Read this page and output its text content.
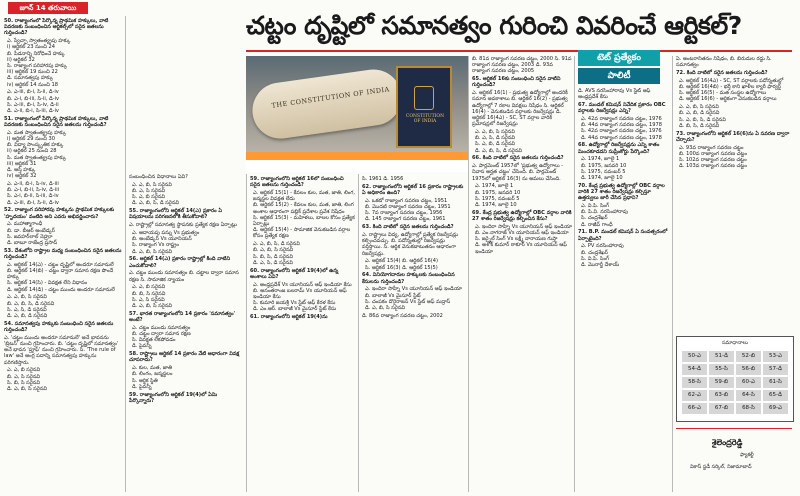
జూన్ 14 తరువాయి
చట్టం దృష్టిలో సమానత్వం గురించి వివరించే ఆర్టికల్?
THE CONSTITUTION OF INDIA
CONSTITUTION OF INDIA

50. రాజ్యాంగంలో పేర్కొన్న ప్రాథమిక హక్కులు, వాటి వివరణకు సంబంధించిన ఆర్టికల్స్‌లో సరైన జతలను గుర్తించండి?

ఎ. స్వేచ్ఛా స్వాతంత్య్రపు హక్కు
i) ఆర్టికల్ 23 నుంచి 24
బి. పీడనాన్ని నిరోధించే హక్కు
ii) ఆర్టికల్ 32
సి. రాజ్యాంగ పరిహారపు హక్కు
iii) ఆర్టికల్ 19 నుంచి 22
డి. సమానత్వపు హక్కు
iv) ఆర్టికల్ 14 నుంచి 18

ఎ. ఎ-iii, బి-i, సి-ii, డి-iv
బి. ఎ-i, బి-iii, సి-ii, డి-iv
సి. ఎ-iii, బి-i, సి-iv, డి-ii
డి. ఎ-ii, బి-i, సి-iii, డి-iv

51. రాజ్యాంగంలో పేర్కొన్న ప్రాథమిక హక్కులు, వాటి వివరణకు సంబంధించిన సరైన జతలను గుర్తించండి?

ఎ. మత స్వాతంత్య్రపు హక్కు
i) ఆర్టికల్ 29 నుంచి 30
బి. విద్యా సాంస్కృతిక హక్కు
ii) ఆర్టికల్ 25 నుంచి 28
సి. మత స్వాతంత్య్రపు హక్కు
iii) ఆర్టికల్ 31
డి. ఆస్తి హక్కు
iv) ఆర్టికల్ 32

ఎ. ఎ-ii, బి-i, సి-iv, డి-iii
బి. ఎ-i, బి-ii, సి-iv, డి-iii
సి. ఎ-i, బి-ii, సి-iii, డి-iv
డి. ఎ-iii, బి-i, సి-ii, డి-iv

52. రాజ్యాంగ పరిహారపు హక్కును ప్రాథమిక హక్కులకు 'హృదయం' వంటిది అని ఎవరు అభివర్ణించారు?

ఎ. మహాత్మాగాంధీ
బి. డా. బీఆర్ అంబేడ్కర్
సి. జవహర్‌లాల్ నెహ్రూ
డి. బాబూ రాజేంద్ర ప్రసాద్

53. దేశంలోని రాష్ట్రాల మధ్య సంబంధించిన సరైన జతలను గుర్తించండి?

ఎ. ఆర్టికల్ 14(ఎ) - చట్టం దృష్టిలో అందరూ సమానులే
బి. ఆర్టికల్ 14(బి) - చట్టం ద్వారా సమాన రక్షణ పొందే హక్కు
సి. ఆర్టికల్ 14(సి) - వివక్షత లేని విధానం
డి. ఆర్టికల్ 14(డి) - చట్టం ముందు అందరూ సమానులే

ఎ. ఎ, బి, సి సరైనవి
బి. ఎ, బి, సి, డి సరైనవి
సి. ఎ, సి, డి సరైనవి
డి. ఎ, బి, డి సరైనవి

54. సమానత్వపు హక్కుకు సంబంధించి సరైన జతలను గుర్తించండి?

ఎ. 'చట్టం ముందు అందరూ సమానులే' అనే భావనను 'బ్రిటన్' నుంచి గ్రహించారు. బి. 'చట్టం దృష్టిలో సమానత్వం' అనే భావన 'ప్రూఫ్' నుంచి గ్రహించారు. సి. 'The rule of law' అనే ఆంగ్ల పదాన్ని సమానత్వపు హక్కును పరిగణిస్తారు.

ఎ. ఎ, బి సరైనవి
బి. ఎ, సి సరైనవి
సి. బి, సి సరైనవి
డి. ఎ, బి, సి సరైనవి

సంబంధించిన విధానాలు ఏవి?

ఎ. ఎ, బి, సి సరైనవి
బి. ఎ, సి సరైనవి
సి. ఎ, బి సరైనవి
డి. ఎ, బి, సి, డి సరైనవి

55. రాజ్యాంగంలోని ఆర్టికల్ 14(ఎ) ప్రకారం ఏ విషయాలను పరిగణనలోకి తీసుకోవాలి?

ఎ. రాష్ట్రాల్లో సమానత్వ స్థాపనకు ప్రత్యేక రక్షణ ఏర్పాట్లు

ఎ. ఆదాయపు పన్ను Vs ప్రభుత్వం
బి. అంబేడ్కర్ Vs యూనియన్
సి. రాజ్యాంగ Vs రాష్ట్రం
డి. ఎ, బి, సి సరైనవి

56. ఆర్టికల్ 14(ఎ) ప్రకారం రాష్ట్రాల్లో కింది వాటిని ఎంచుకోవాలి?

ఎ. చట్టం ముందు సమానత్వం బి. చట్టాల ద్వారా సమాన రక్షణ సి. సామాజిక న్యాయం

ఎ. ఎ, బి సరైనవి
బి. బి, సి సరైనవి
సి. ఎ, సి సరైనవి
డి. ఎ, బి, సి సరైనవి

57. భారత రాజ్యాంగంలోని 14 ప్రకారం 'సమానత్వం' అంటే?

ఎ. చట్టం ముందు సమానత్వం
బి. చట్టం ద్వారా సమాన రక్షణ
సి. వివక్షత లేకపోవడం
డి. పైవన్నీ

58. రాష్ట్రాలు ఆర్టికల్ 14 ప్రకారం వేటి ఆధారంగా వివక్ష చూపరాదు?

ఎ. కుల, మత, జాతి
బి. లింగం, జన్మస్థలం
సి. ఆర్థిక స్థితి
డి. పైవన్నీ

59. రాజ్యాంగంలోని ఆర్టికల్ 19(4)లో ఏమి పేర్కొన్నారు?

59. రాజ్యాంగంలోని ఆర్టికల్ 16లో సంబంధించి సరైన జతలను గుర్తించండి?

ఎ. ఆర్టికల్ 15(1) - కేవలం కుల, మత, జాతి, లింగ, జన్మస్థల వివక్షత లేదు
బి. ఆర్టికల్ 15(2) - కేవలం కుల, మత, జాతి, లింగ అంశాల ఆధారంగా పబ్లిక్ ప్రదేశాల ప్రవేశ నిషేధం
సి. ఆర్టికల్ 15(3) - మహిళలు, బాలల కోసం ప్రత్యేక ఏర్పాట్లు
డి. ఆర్టికల్ 15(4) - సామాజిక వెనుకబడిన వర్గాల కోసం ప్రత్యేక రక్షణ

ఎ. ఎ, బి, సి, డి సరైనవి
బి. ఎ, బి, సి సరైనవి
సి. బి, సి, డి సరైనవి
డి. ఎ, సి, డి సరైనవి

60. రాజ్యాంగంలోని ఆర్టికల్ 19(4)లో ఉన్న అంశాలు ఏవి?

ఎ. ఆంధ్రప్రదేశ్ Vs యూనియన్ ఆఫ్ ఇండియా కేసు
బి. అనంతరాంజ బలరామ్ Vs యూనియన్ ఆఫ్ ఇండియా కేసు
సి. కుమారి జయశ్రీ Vs స్టేట్ ఆఫ్ కేరళ కేసు
డి. ఎం.ఆర్. బాలాజీ Vs మైసూర్ స్టేట్ కేసు

61. రాజ్యాంగంలోని ఆర్టికల్ 19(4)ను

సి. 1961 డి. 1956

62. రాజ్యాంగంలోని ఆర్టికల్ 16 ప్రకారం రాష్ట్రాలకు ఏ అధికారం ఉంది?

ఎ. ఒకటో రాజ్యాంగ సవరణ చట్టం, 1951
బి. మొదటి రాజ్యాంగ సవరణ చట్టం, 1951
సి. 7వ రాజ్యాంగ సవరణ చట్టం, 1956
డి. 145 రాజ్యాంగ సవరణ చట్టం, 1961

63. కింది వాటిలో సరైన జతలను గుర్తించండి?

ఎ. రాష్ట్రాలు విద్య, ఉద్యోగాల్లో ప్రత్యేక రిజర్వేషన్లు కల్పించవచ్చు. బి. పదోన్నతుల్లో రిజర్వేషన్లు వర్తిస్తాయి. సి. ఆర్థిక వెనుకబాటుతనం ఆధారంగా రిజర్వేషన్లు.

ఎ. ఆర్టికల్ 15(4) బి. ఆర్టికల్ 16(4)
సి. ఆర్టికల్ 16(3) డి. ఆర్టికల్ 15(5)

64. వినియోగదారుల హక్కులకు సంబంధించిన కేసులను గుర్తించండి?

ఎ. ఇందిరా సాహ్నీ Vs యూనియన్ ఆఫ్ ఇండియా
బి. బాలాజీ Vs మైసూర్ స్టేట్
సి. చంపకం దొరైరాజన్ Vs స్టేట్ ఆఫ్ మద్రాస్
డి. ఎ, బి, సి సరైనవి

డి. 86వ రాజ్యాంగ సవరణ చట్టం, 2002

బి. 81వ రాజ్యాంగ సవరణ చట్టం, 2000 సి. 91వ రాజ్యాంగ సవరణ చట్టం, 2003 డి. 93వ రాజ్యాంగ సవరణ చట్టం, 2005

65. ఆర్టికల్ 16కు సంబంధించి సరైన వాటిని గుర్తించండి?

ఎ. ఆర్టికల్ 16(1) - ప్రభుత్వ ఉద్యోగాల్లో అందరికీ సమాన అవకాశాలు బి. ఆర్టికల్ 16(2) - ప్రభుత్వ ఉద్యోగాల్లో 7 రకాల వివక్షలు నిషేధం సి. ఆర్టికల్ 16(4) - వెనుకబడిన వర్గాలకు రిజర్వేషన్లు డి. ఆర్టికల్ 16(4ఎ) - SC, ST వర్గాల వారికి ప్రమోషన్లలో రిజర్వేషన్లు

ఎ. ఎ, బి, సి సరైనవి
బి. ఎ, సి, డి సరైనవి
సి. ఎ, బి, డి సరైనవి
డి. ఎ, బి, సి, డి సరైనవి

66. కింది వాటిలో సరైన జతలను గుర్తించండి?

ఎ. పార్లమెంట్ 1957లో 'ప్రభుత్వ ఉద్యోగాలు - నివాస అర్హత చట్టం' చేసింది. బి. పార్లమెంట్ 1975లో ఆర్టికల్ 16(3) ను అమలు చేసింది.

ఎ. 1974, జూలై 1
బి. 1975, జనవరి 10
సి. 1975, నవంబర్ 5
డి. 1974, జూలై 10

69. కేంద్ర ప్రభుత్వ ఉద్యోగాల్లో OBC వర్గాల వారికి 27 శాతం రిజర్వేషన్లు కల్పించిన కేసు?

ఎ. ఇందిరా సాహ్నీ Vs యూనియన్ ఆఫ్ ఇండియా
బి. ఎం.నాగరాజ్ Vs యూనియన్ ఆఫ్ ఇండియా
సి. జర్నైల్ సింగ్ Vs లక్ష్మీ నారాయణ గుప్తా
డి. అశోక్ కుమార్ ఠాకూర్ Vs యూనియన్ ఆఫ్ ఇండియా

డి. AVS నరసింహారావు Vs స్టేట్ ఆఫ్ ఆంధ్రప్రదేశ్ కేసు

67. మండల్ కమిషన్ నివేదిక ప్రకారం OBC వర్గాలకు రిజర్వేషన్లు ఎన్ని?

ఎ. 42వ రాజ్యాంగ సవరణ చట్టం, 1976
బి. 44వ రాజ్యాంగ సవరణ చట్టం, 1978
సి. 42వ రాజ్యాంగ సవరణ చట్టం, 1976
డి. 44వ రాజ్యాంగ సవరణ చట్టం, 1978

68. ఉద్యోగాల్లో రిజర్వేషన్లను ఎన్ని శాతం మించకూడదని సుప్రీంకోర్టు పేర్కొంది?

ఎ. 1974, జూలై 1
బి. 1975, జనవరి 10
సి. 1975, నవంబర్ 5
డి. 1974, జూలై 10

70. కేంద్ర ప్రభుత్వ ఉద్యోగాల్లో OBC వర్గాల వారికి 27 శాతం రిజర్వేషన్లు కల్పిస్తూ ఉత్తర్వులు జారీ చేసిన ప్రధాని?

ఎ. వి.పి. సింగ్
బి. పి.వి. నరసింహారావు
సి. చంద్రశేఖర్
డి. రాజీవ్ గాంధీ

71. B.P. మండల్ కమిషన్ ఏ సంవత్సరంలో ఏర్పాటైంది?

ఎ. PV నరసింహారావు
బి. చంద్రశేఖర్
సి. వి.పి. సింగ్
డి. మొరార్జీ దేశాయ్

ఏ. అంటరానితనం నిషేధం, బి. బిరుదుల రద్దు సి. సమానత్వం

72. కింది వాటిలో సరైన జతలను గుర్తించండి?

ఎ. ఆర్టికల్ 16(4ఎ) - SC, ST వర్గాలకు పదోన్నతుల్లో
బి. ఆర్టికల్ 16(4బి) - భర్తీ కాని ఖాళీల క్యారీ ఫార్వర్డ్
సి. ఆర్టికల్ 16(5) - మత సంస్థల ఉద్యోగాలు
డి. ఆర్టికల్ 16(6) - ఆర్థికంగా వెనుకబడిన వర్గాలు

ఎ. ఎ, బి, సి సరైనవి
బి. ఎ, బి, డి సరైనవి
సి. ఎ, బి, సి, డి సరైనవి
డి. బి, సి, డి సరైనవి

73. రాజ్యాంగంలోని ఆర్టికల్ 16(6)ను ఏ సవరణ ద్వారా చేర్చారు?

ఎ. 93వ రాజ్యాంగ సవరణ చట్టం
బి. 100వ రాజ్యాంగ సవరణ చట్టం
సి. 102వ రాజ్యాంగ సవరణ చట్టం
డి. 103వ రాజ్యాంగ సవరణ చట్టం

టెట్ ప్రత్యేకం
పాలిటీ
సమాధానాలు
50-ఎ	51-డి	52-బి	53-ఎ
54-డి	55-సి	56-బి	57-డి
58-సి	59-బి	60-ఎ	61-సి
62-ఎ	63-బి	64-సి	65-డి
66-ఎ	67-బి	68-సి	69-ఎ
శైలెంద్రరెడ్డి
ఫ్యాకల్టీ
వికాస్ స్టడీ సర్కిల్, నిజామాబాద్
